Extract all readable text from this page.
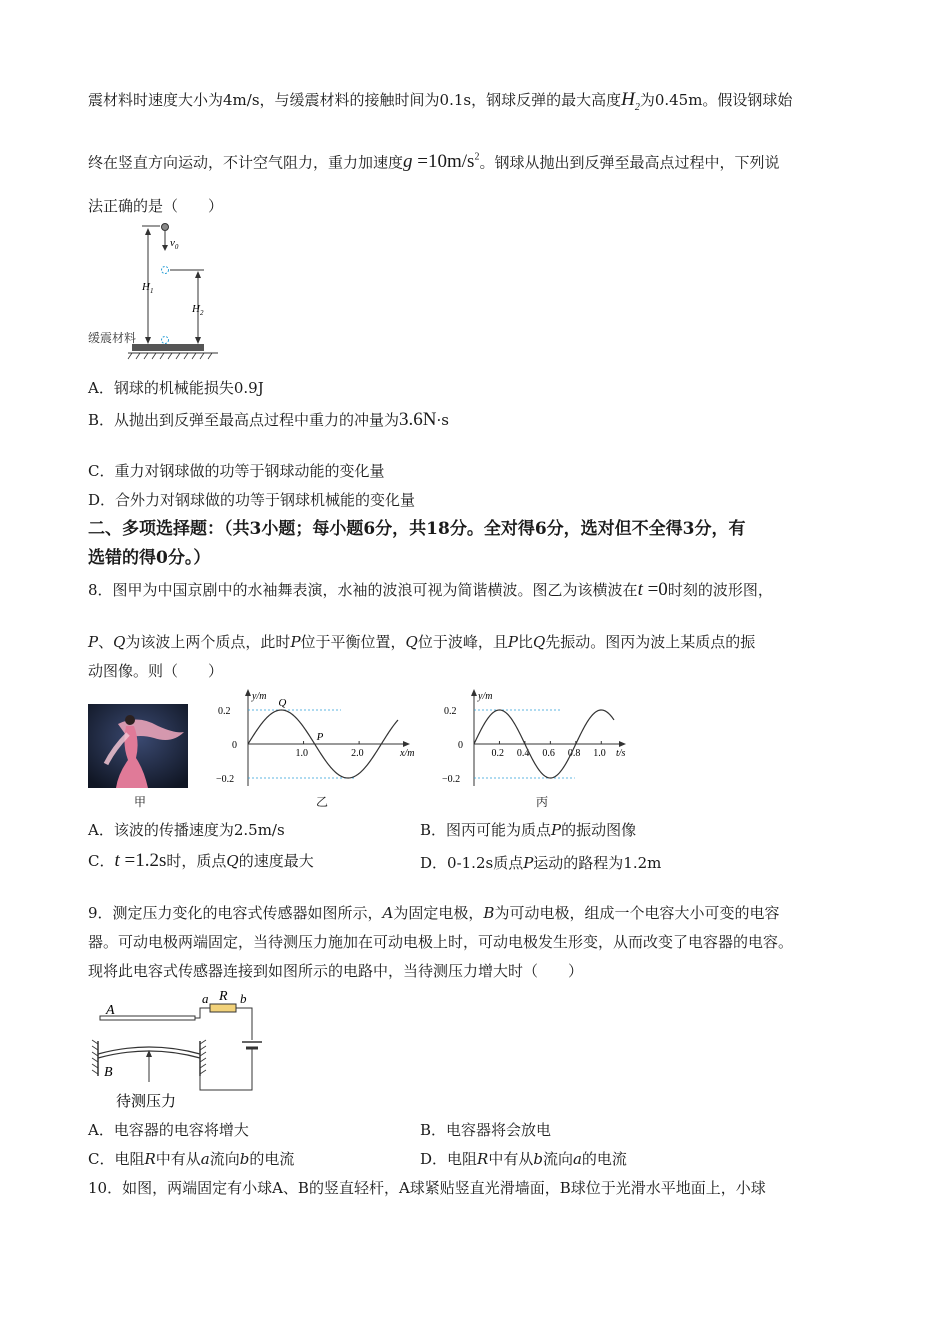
震材料时速度大小为4m/s，与缓震材料的接触时间为0.1s，钢球反弹的最大高度$H_2$为0.45m。假设钢球始
终在竖直方向运动，不计空气阻力，重力加速度$g =10m/s^2$。钢球从抛出到反弹至最高点过程中，下列说
法正确的是（　　）
$H_1$
$v_0$
$H_2$
缓震材料
A．钢球的机械能损失0.9J
B．从抛出到反弹至最高点过程中重力的冲量为3.6N·s
C．重力对钢球做的功等于钢球动能的变化量
D．合外力对钢球做的功等于钢球机械能的变化量
二、多项选择题：（共3小题；每小题6分，共18分。全对得6分，选对但不全得3分，有
选错的得0分。）
8．图甲为中国京剧中的水袖舞表演，水袖的波浪可视为简谐横波。图乙为该横波在t =0时刻的波形图，
P、Q为该波上两个质点，此时P位于平衡位置，Q位于波峰，且P比Q先振动。图丙为波上某质点的振
动图像。则（　　）
甲
y/m
x/m
0.2
0
−0.2
1.0	2.0
Q
P
乙
y/m
t/s
0.2
0
−0.2
0.2 0.4 0.6 0.8 1.0
丙
A．该波的传播速度为2.5m/s	B．图丙可能为质点P的振动图像
C．t =1.2s时，质点Q的速度最大	D．0-1.2s质点P运动的路程为1.2m
9．测定压力变化的电容式传感器如图所示，A为固定电极，B为可动电极，组成一个电容大小可变的电容
器。可动电极两端固定，当待测压力施加在可动电极上时，可动电极发生形变，从而改变了电容器的电容。
现将此电容式传感器连接到如图所示的电路中，当待测压力增大时（　　）
A
a R b
B
待测压力
A．电容器的电容将增大	B．电容器将会放电
C．电阻R中有从a流向b的电流	D．电阻R中有从b流向a的电流
10．如图，两端固定有小球A、B的竖直轻杆，A球紧贴竖直光滑墙面，B球位于光滑水平地面上，小球
